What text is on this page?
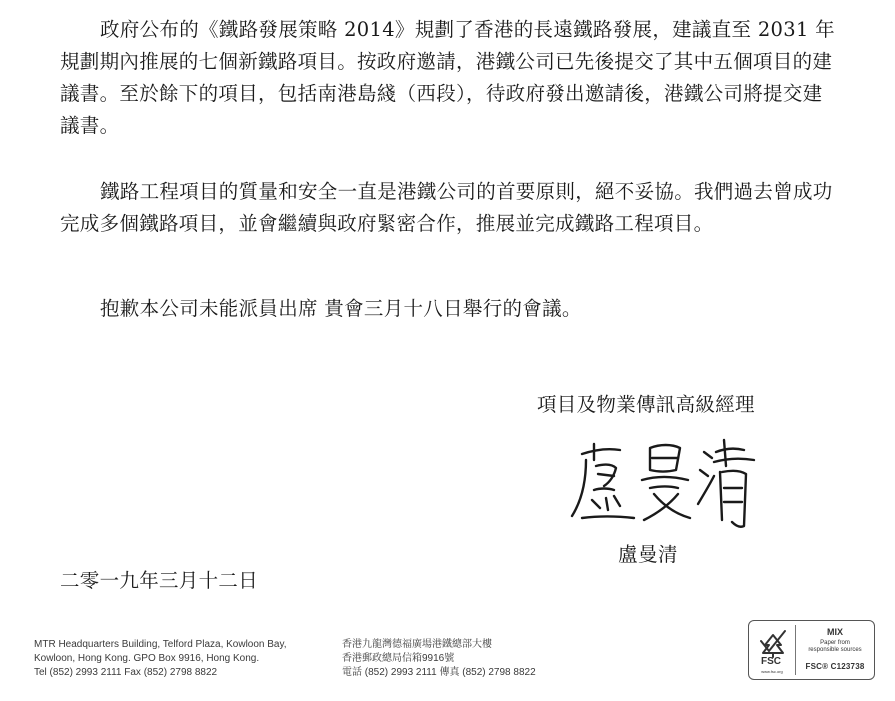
政府公布的《鐵路發展策略 2014》規劃了香港的長遠鐵路發展，建議直至 2031 年規劃期內推展的七個新鐵路項目。按政府邀請，港鐵公司已先後提交了其中五個項目的建議書。至於餘下的項目，包括南港島綫（西段），待政府發出邀請後，港鐵公司將提交建議書。

鐵路工程項目的質量和安全一直是港鐵公司的首要原則，絕不妥協。我們過去曾成功完成多個鐵路項目，並會繼續與政府緊密合作，推展並完成鐵路工程項目。

抱歉本公司未能派員出席 貴會三月十八日舉行的會議。

項目及物業傳訊高級經理
盧曼清
二零一九年三月十二日
MTR Headquarters Building, Telford Plaza, Kowloon Bay,
Kowloon, Hong Kong. GPO Box 9916, Hong Kong.
Tel (852) 2993 2111 Fax (852) 2798 8822
香港九龍灣德福廣場港鐵總部大樓
香港郵政總局信箱9916號
電話 (852) 2993 2111 傳真 (852) 2798 8822
FSC
www.fsc.org
MIX
Paper from
responsible sources
FSC® C123738
